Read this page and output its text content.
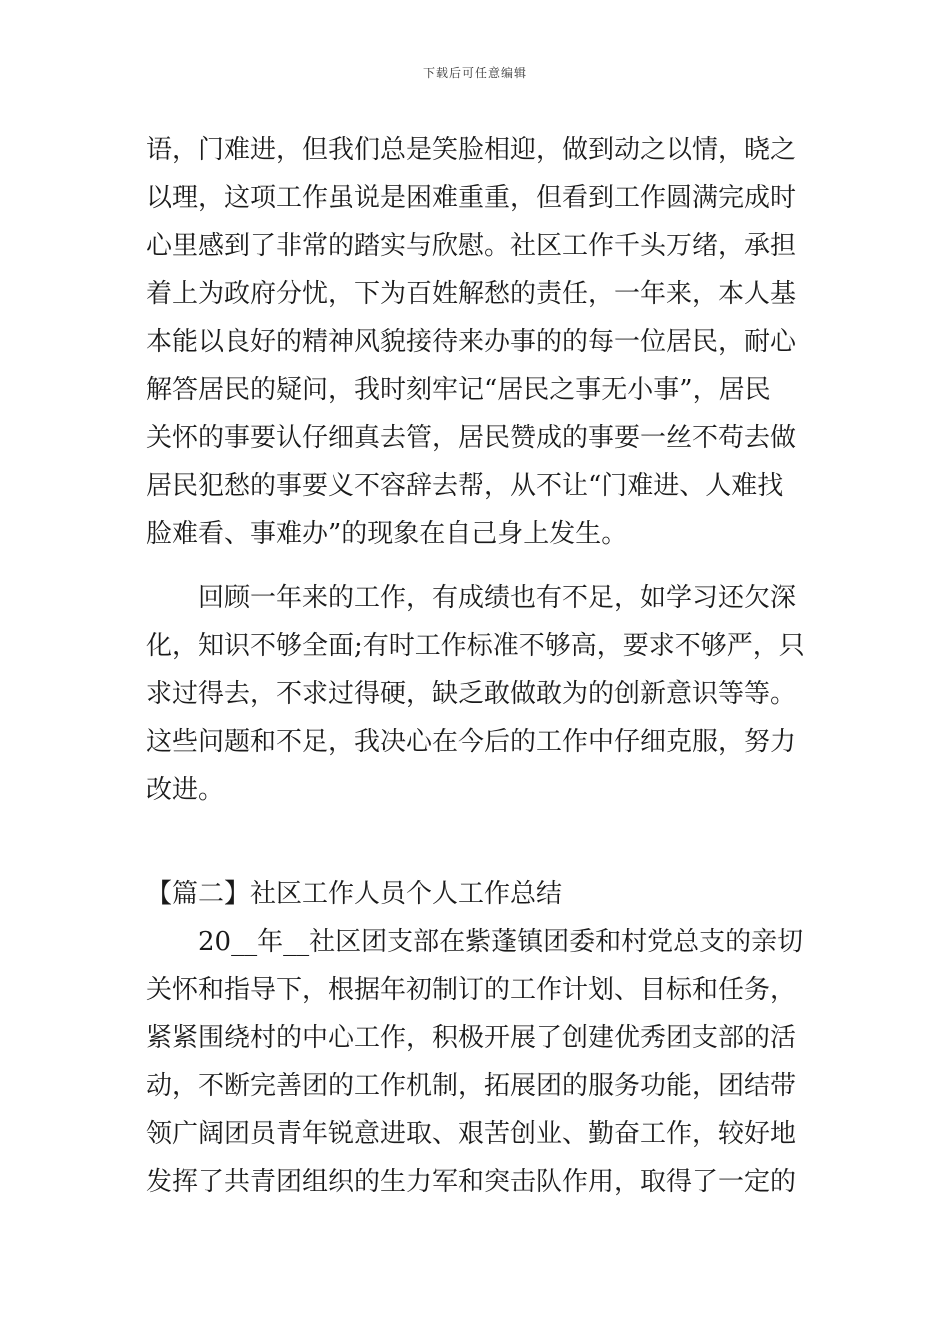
下载后可任意编辑
语，门难进，但我们总是笑脸相迎，做到动之以情，晓之
以理，这项工作虽说是困难重重，但看到工作圆满完成时
心里感到了非常的踏实与欣慰。社区工作千头万绪，承担
着上为政府分忧，下为百姓解愁的责任，一年来，本人基
本能以良好的精神风貌接待来办事的的每一位居民，耐心
解答居民的疑问，我时刻牢记“居民之事无小事”，居民
关怀的事要认仔细真去管，居民赞成的事要一丝不苟去做
居民犯愁的事要义不容辞去帮，从不让“门难进、人难找
脸难看、事难办”的现象在自己身上发生。
回顾一年来的工作，有成绩也有不足，如学习还欠深
化，知识不够全面;有时工作标准不够高，要求不够严，只
求过得去，不求过得硬，缺乏敢做敢为的创新意识等等。
这些问题和不足，我决心在今后的工作中仔细克服，努力
改进。
【篇二】社区工作人员个人工作总结
20__年__社区团支部在紫蓬镇团委和村党总支的亲切
关怀和指导下，根据年初制订的工作计划、目标和任务，
紧紧围绕村的中心工作，积极开展了创建优秀团支部的活
动，不断完善团的工作机制，拓展团的服务功能，团结带
领广阔团员青年锐意进取、艰苦创业、勤奋工作，较好地
发挥了共青团组织的生力军和突击队作用，取得了一定的
